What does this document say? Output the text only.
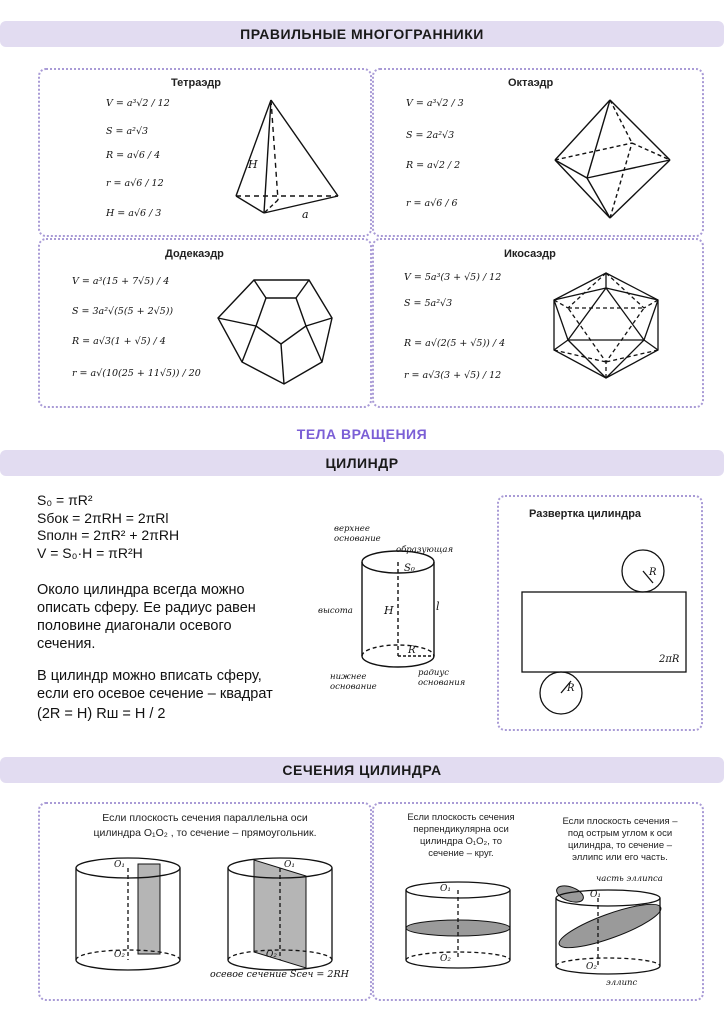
ПРАВИЛЬНЫЕ МНОГОГРАННИКИ
Тетраэдр
V = a³√2 / 12
S = a²√3
R = a√6 / 4
r = a√6 / 12
H = a√6 / 3
H
a
Октаэдр
V = a³√2 / 3
S = 2a²√3
R = a√2 / 2
r = a√6 / 6
Додекаэдр
V = a³(15 + 7√5) / 4
S = 3a²√(5(5 + 2√5))
R = a√3(1 + √5) / 4
r = a√(10(25 + 11√5)) / 20
Икосаэдр
V = 5a³(3 + √5) / 12
S = 5a²√3
R = a√(2(5 + √5)) / 4
r = a√3(3 + √5) / 12
ТЕЛА ВРАЩЕНИЯ
ЦИЛИНДР
S₀ = πR²
Sбок = 2πRH = 2πRl
Sполн = 2πR² + 2πRH
V = S₀·H = πR²H
Около цилиндра всегда можно
описать сферу. Ее радиус равен
половине диагонали осевого
сечения.
В цилиндр можно вписать сферу,
если его осевое сечение – квадрат
(2R = H) Rш = H / 2
верхнее основание
образующая
высота
нижнее основание
радиус основания
S₀
H	l
R
Развертка цилиндра
R
R
2πR
СЕЧЕНИЯ ЦИЛИНДРА
Если плоскость сечения параллельна оси
цилиндра O₁O₂ , то сечение – прямоугольник.
O₁
O₂
O₁
O₂
осевое сечение Sсеч = 2RH
Если плоскость сечения
перпендикулярна оси
цилиндра O₁O₂, то
сечение – круг.
Если плоскость сечения –
под острым углом к оси
цилиндра, то сечение –
эллипс или его часть.
O₁
O₂
часть эллипса
O₁
O₂
эллипс
